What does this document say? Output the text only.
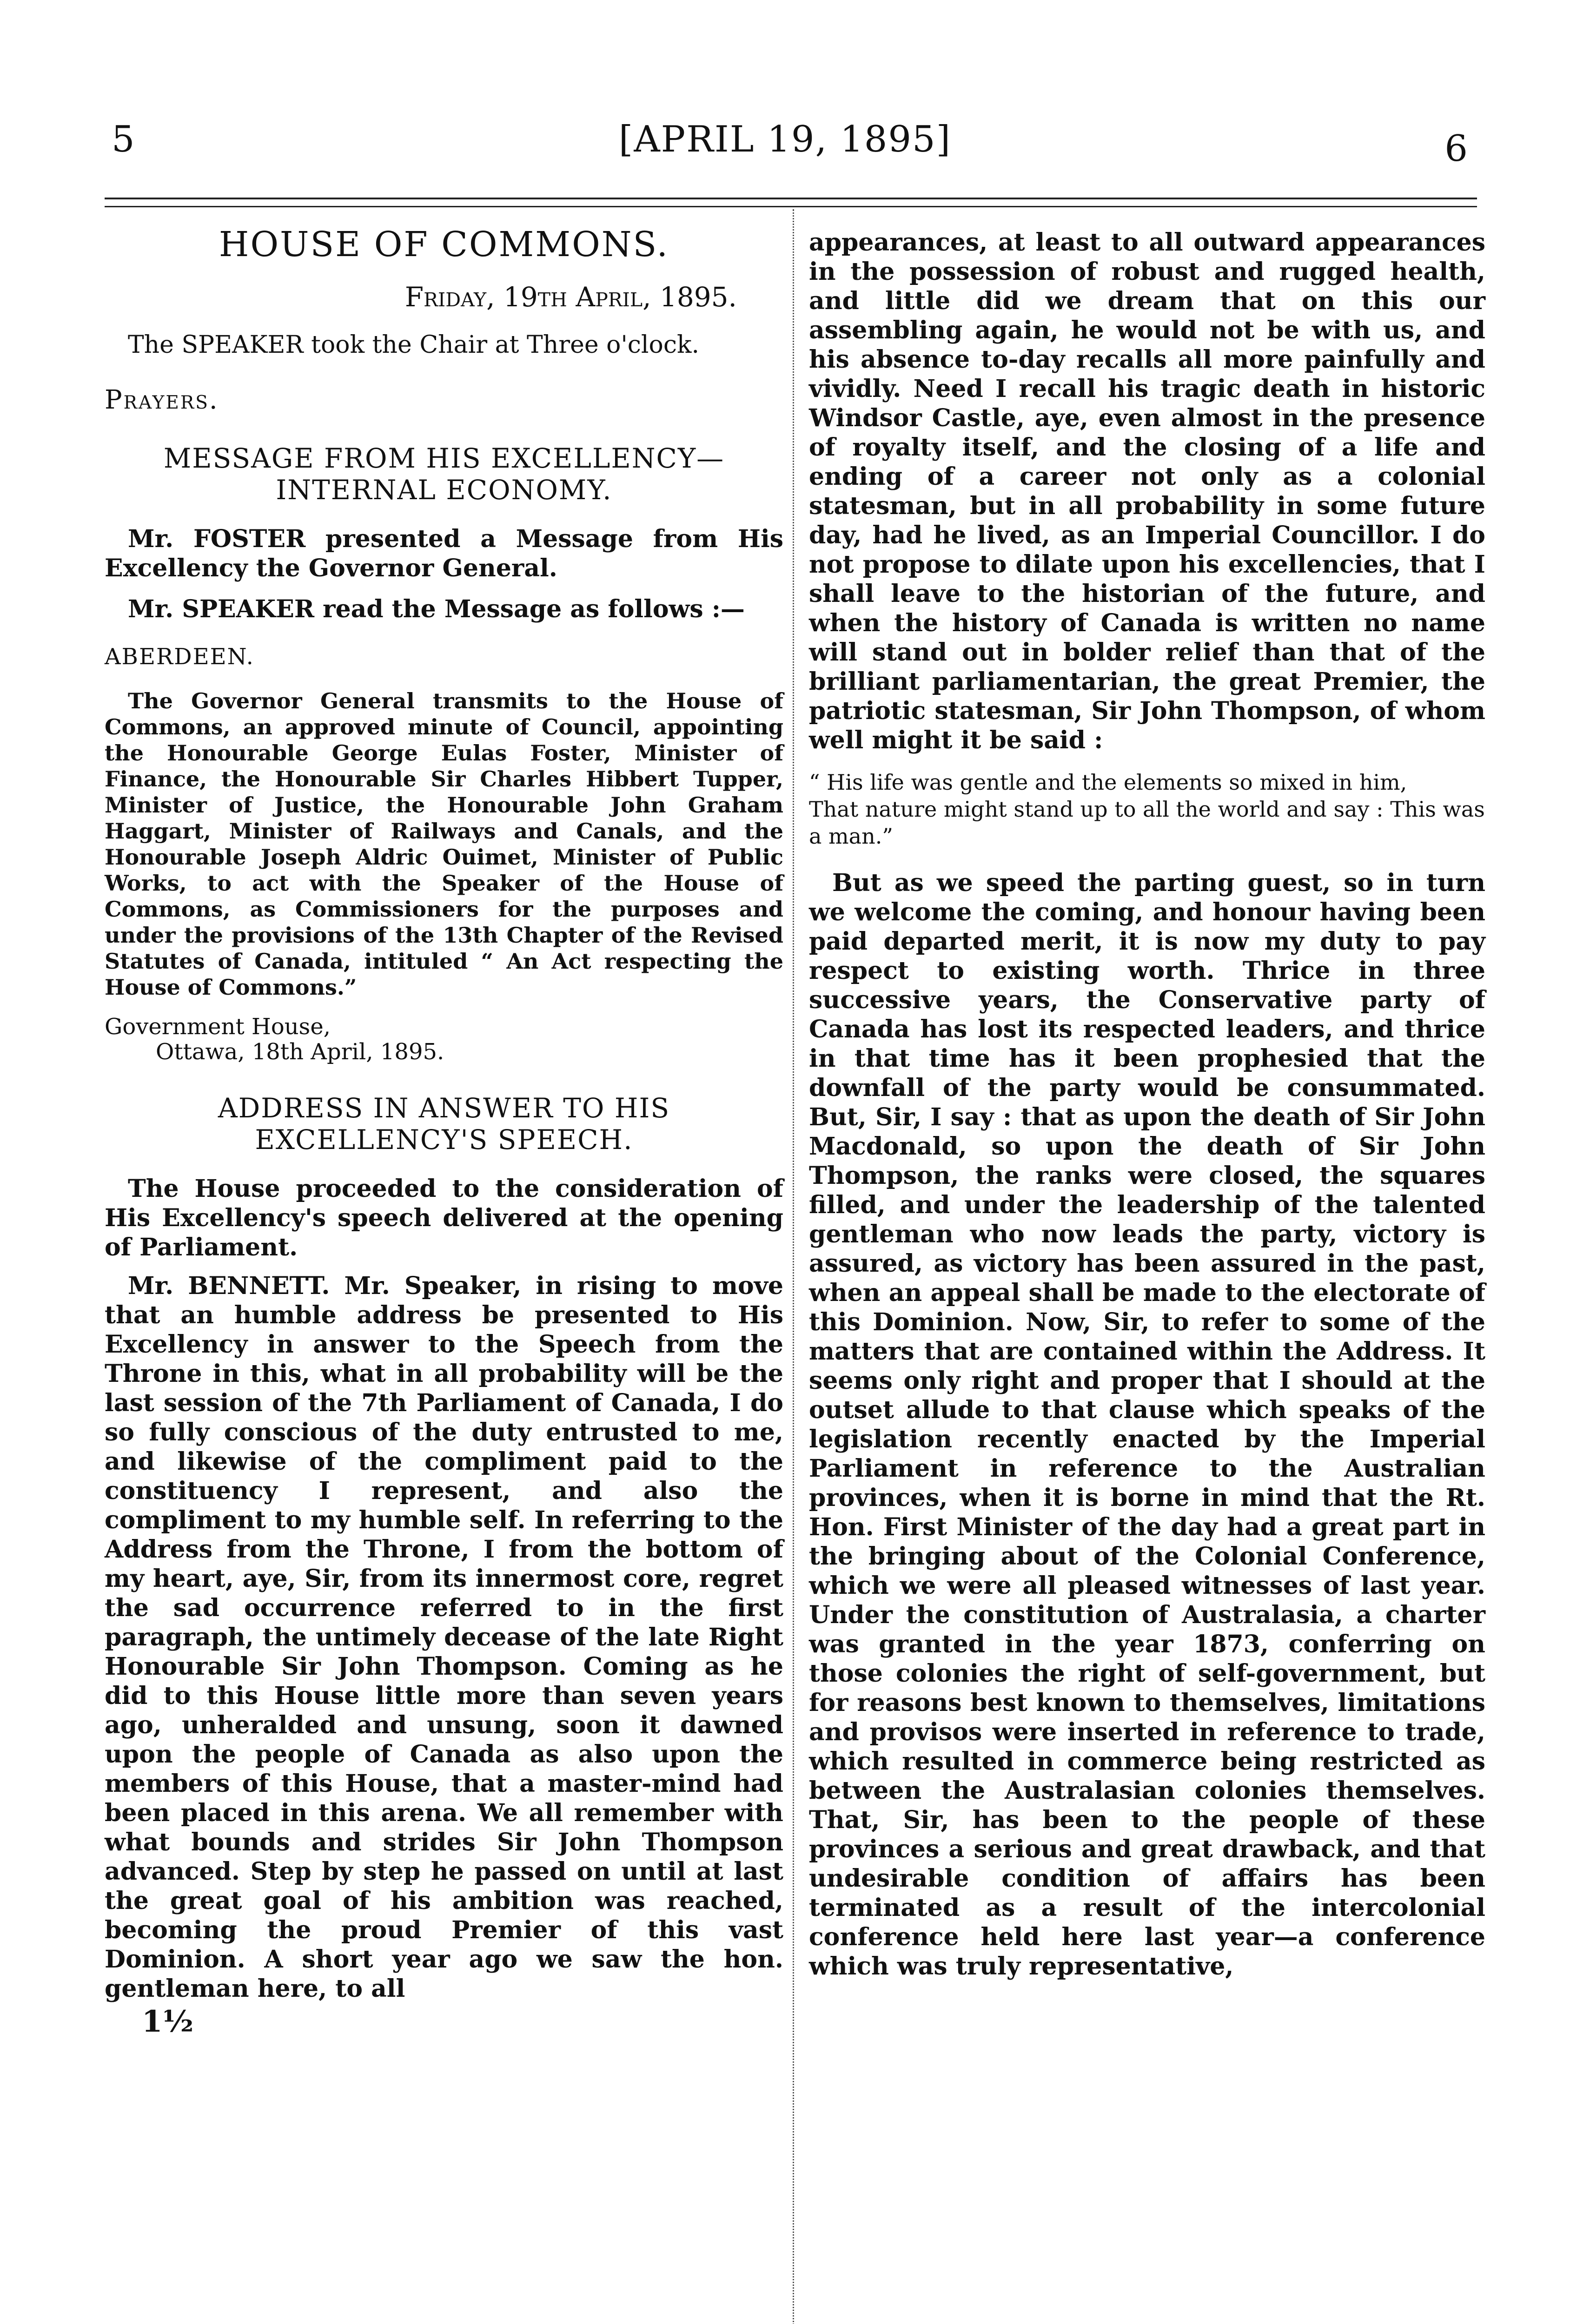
5	[APRIL 19, 1895]	6
HOUSE OF COMMONS.
Friday, 19th April, 1895.

The SPEAKER took the Chair at Three o'clock.

Prayers.
MESSAGE FROM HIS EXCELLENCY— INTERNAL ECONOMY.

Mr. FOSTER presented a Message from His Excellency the Governor General.

Mr. SPEAKER read the Message as follows :—

ABERDEEN.

The Governor General transmits to the House of Commons, an approved minute of Council, appointing the Honourable George Eulas Foster, Minister of Finance, the Honourable Sir Charles Hibbert Tupper, Minister of Justice, the Honourable John Graham Haggart, Minister of Railways and Canals, and the Honourable Joseph Aldric Ouimet, Minister of Public Works, to act with the Speaker of the House of Commons, as Commissioners for the purposes and under the provisions of the 13th Chapter of the Revised Statutes of Canada, intituled “ An Act respecting the House of Commons.”

Government House,
Ottawa, 18th April, 1895.
ADDRESS IN ANSWER TO HIS EXCELLENCY'S SPEECH.

The House proceeded to the consideration of His Excellency's speech delivered at the opening of Parliament.

Mr. BENNETT. Mr. Speaker, in rising to move that an humble address be presented to His Excellency in answer to the Speech from the Throne in this, what in all probability will be the last session of the 7th Parliament of Canada, I do so fully conscious of the duty entrusted to me, and likewise of the compliment paid to the constituency I represent, and also the compliment to my humble self. In referring to the Address from the Throne, I from the bottom of my heart, aye, Sir, from its innermost core, regret the sad occurrence referred to in the first paragraph, the untimely decease of the late Right Honourable Sir John Thompson. Coming as he did to this House little more than seven years ago, unheralded and unsung, soon it dawned upon the people of Canada as also upon the members of this House, that a master-mind had been placed in this arena. We all remember with what bounds and strides Sir John Thompson advanced. Step by step he passed on until at last the great goal of his ambition was reached, becoming the proud Premier of this vast Dominion. A short year ago we saw the hon. gentleman here, to all

1½

appearances, at least to all outward appearances in the possession of robust and rugged health, and little did we dream that on this our assembling again, he would not be with us, and his absence to-day recalls all more painfully and vividly. Need I recall his tragic death in historic Windsor Castle, aye, even almost in the presence of royalty itself, and the closing of a life and ending of a career not only as a colonial statesman, but in all probability in some future day, had he lived, as an Imperial Councillor. I do not propose to dilate upon his excellencies, that I shall leave to the historian of the future, and when the history of Canada is written no name will stand out in bolder relief than that of the brilliant parliamentarian, the great Premier, the patriotic statesman, Sir John Thompson, of whom well might it be said :

“ His life was gentle and the elements so mixed in him,
That nature might stand up to all the world and say : This was a man.”

But as we speed the parting guest, so in turn we welcome the coming, and honour having been paid departed merit, it is now my duty to pay respect to existing worth. Thrice in three successive years, the Conservative party of Canada has lost its respected leaders, and thrice in that time has it been prophesied that the downfall of the party would be consummated. But, Sir, I say : that as upon the death of Sir John Macdonald, so upon the death of Sir John Thompson, the ranks were closed, the squares filled, and under the leadership of the talented gentleman who now leads the party, victory is assured, as victory has been assured in the past, when an appeal shall be made to the electorate of this Dominion. Now, Sir, to refer to some of the matters that are contained within the Address. It seems only right and proper that I should at the outset allude to that clause which speaks of the legislation recently enacted by the Imperial Parliament in reference to the Australian provinces, when it is borne in mind that the Rt. Hon. First Minister of the day had a great part in the bringing about of the Colonial Conference, which we were all pleased witnesses of last year. Under the constitution of Australasia, a charter was granted in the year 1873, conferring on those colonies the right of self-government, but for reasons best known to themselves, limitations and provisos were inserted in reference to trade, which resulted in commerce being restricted as between the Australasian colonies themselves. That, Sir, has been to the people of these provinces a serious and great drawback, and that undesirable condition of affairs has been terminated as a result of the intercolonial conference held here last year—a conference which was truly representative,
